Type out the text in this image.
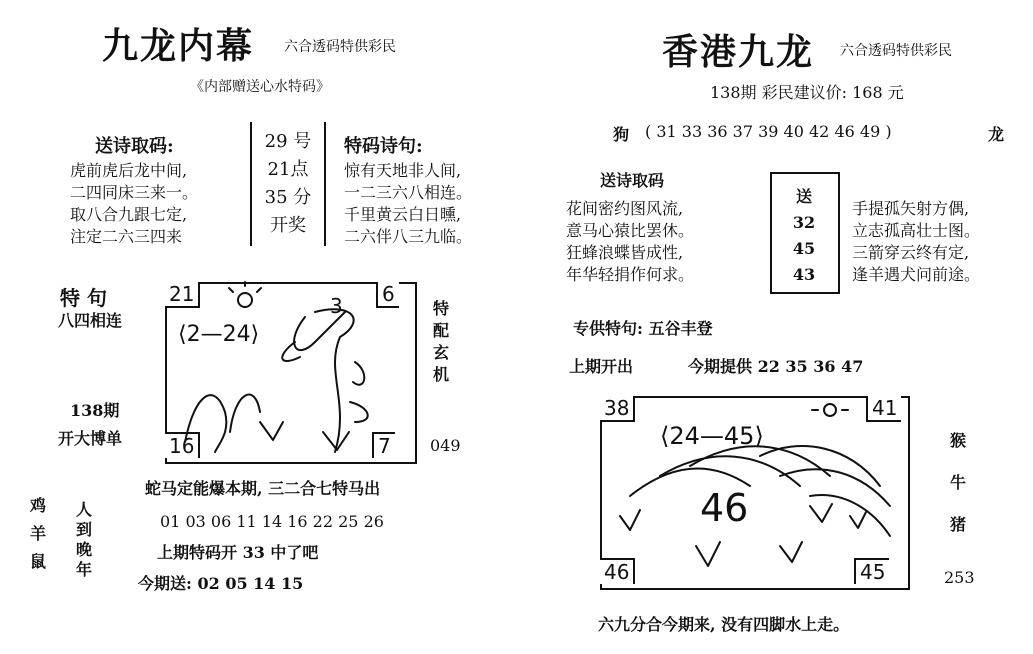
九龙内幕 六合透码特供彩民
《内部赠送心水特码》
送诗取码:
虎前虎后龙中间,
二四同床三来一。
取八合九跟七定,
注定二六三四来
29 号
21点
35 分
开奖
特码诗句:
惊有天地非人间,
一二三六八相连。
千里黄云白日曛,
二六伴八三九临。
特 句
八四相连
138期
开大博单
21	6
16	7
⟨2—24⟩
3	特配玄机
049
蛇马定能爆本期, 三二合七特马出
鸡
羊
鼠
人
到
晚
年
01 03 06 11 14 16 22 25 26
上期特码开 33 中了吧
今期送: 02 05 14 15
香港九龙 六合透码特供彩民
138期 彩民建议价: 168 元
狗 ( 31 33 36 37 39 40 42 46 49 )	龙
送诗取码
花间密约图风流,
意马心猿比罢休。
狂蜂浪蝶皆成性,
年华轻捐作何求。
送
32
45
43
手提孤矢射方偶,
立志孤高壮士图。
三箭穿云终有定,
逢羊遇犬问前途。
专供特句: 五谷丰登
上期开出	今期提供 22 35 36 47
38	41
46	45
⟨24—45⟩
46
猴
牛
猪
253
六九分合今期来, 没有四脚水上走。
